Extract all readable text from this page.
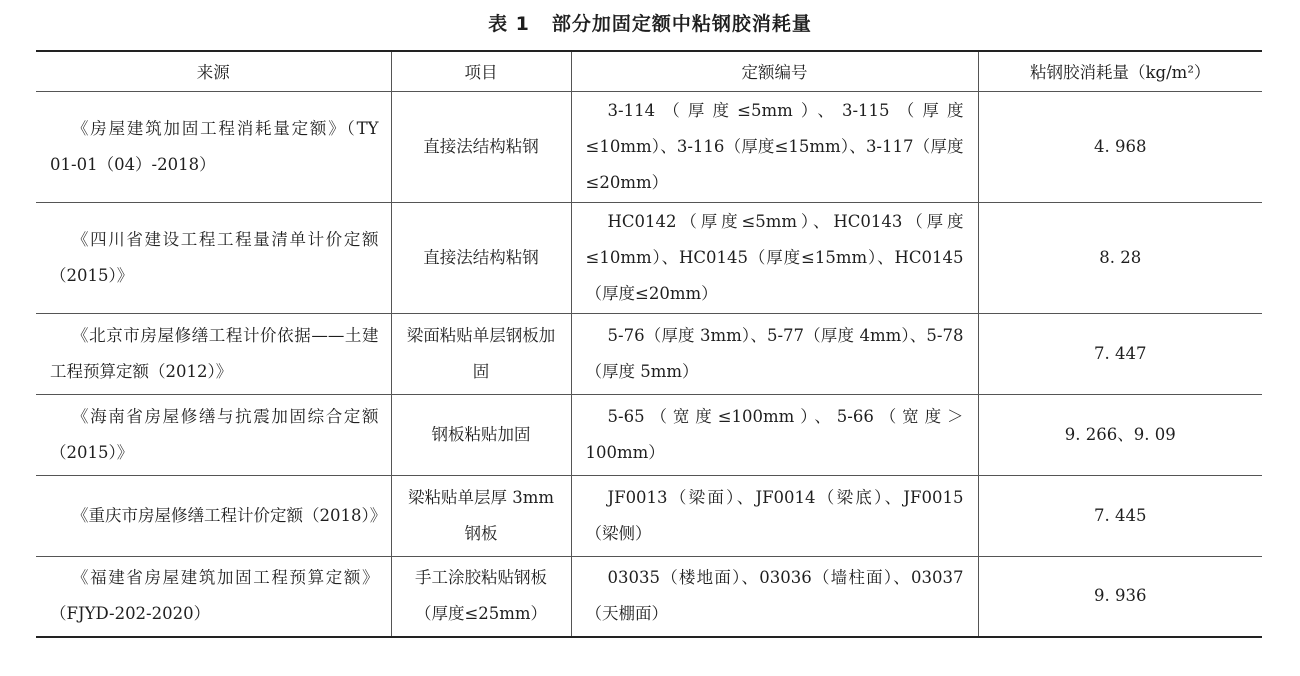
表 1 部分加固定额中粘钢胶消耗量
来源	项目	定额编号	粘钢胶消耗量（kg/m²）
《房屋建筑加固工程消耗量定额》（TY 01-01（04）-2018）	直接法结构粘钢	3-114（厚度≤5mm）、3-115（厚度≤10mm）、3-116（厚度≤15mm）、3-117（厚度≤20mm）	4. 968
《四川省建设工程工程量清单计价定额（2015）》	直接法结构粘钢	HC0142（厚度≤5mm）、HC0143（厚度≤10mm）、HC0145（厚度≤15mm）、HC0145（厚度≤20mm）	8. 28
《北京市房屋修缮工程计价依据——土建工程预算定额（2012）》	梁面粘贴单层钢板加固	5-76（厚度 3mm）、5-77（厚度 4mm）、5-78（厚度 5mm）	7. 447
《海南省房屋修缮与抗震加固综合定额（2015）》	钢板粘贴加固	5-65（宽度≤100mm）、5-66（宽度＞100mm）	9. 266、9. 09
《重庆市房屋修缮工程计价定额（2018）》	梁粘贴单层厚 3mm 钢板	JF0013（梁面）、JF0014（梁底）、JF0015（梁侧）	7. 445
《福建省房屋建筑加固工程预算定额》（FJYD-202-2020）	手工涂胶粘贴钢板（厚度≤25mm）	03035（楼地面）、03036（墙柱面）、03037（天棚面）	9. 936
